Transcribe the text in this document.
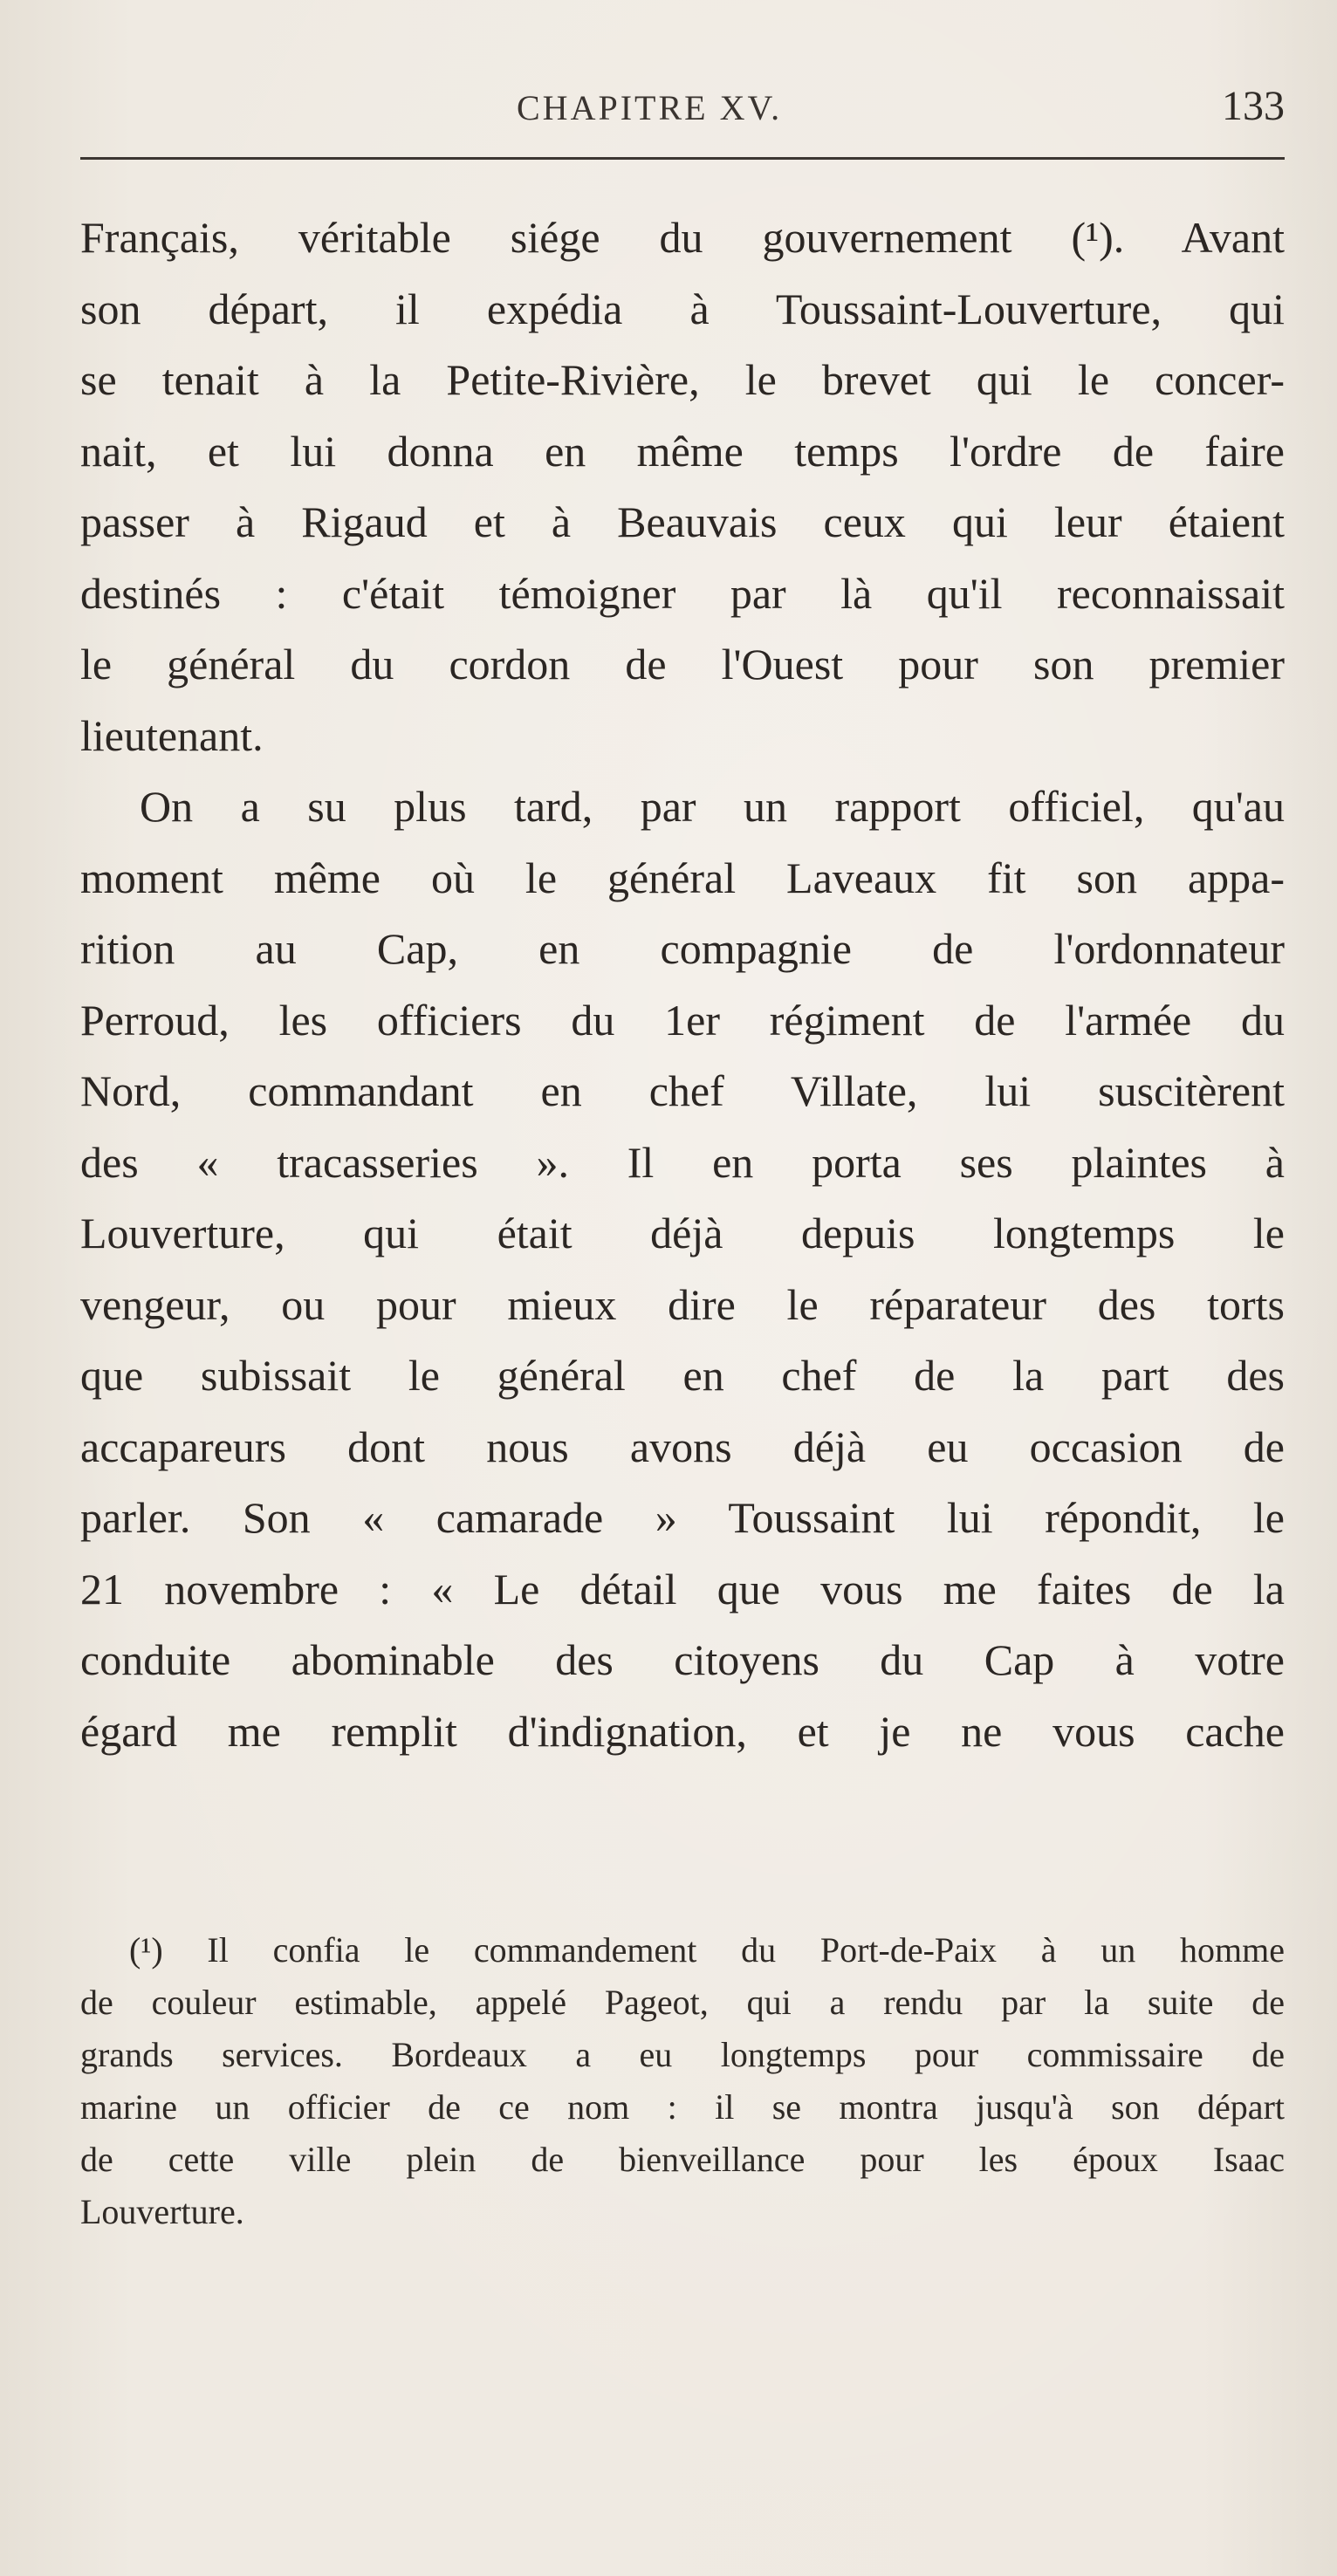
CHAPITRE XV.	133
Français, véritable siége du gouvernement (¹). Avant
son départ, il expédia à Toussaint-Louverture, qui
se tenait à la Petite-Rivière, le brevet qui le concer-
nait, et lui donna en même temps l'ordre de faire
passer à Rigaud et à Beauvais ceux qui leur étaient
destinés : c'était témoigner par là qu'il reconnaissait
le général du cordon de l'Ouest pour son premier
lieutenant.
On a su plus tard, par un rapport officiel, qu'au
moment même où le général Laveaux fit son appa-
rition au Cap, en compagnie de l'ordonnateur
Perroud, les officiers du 1er régiment de l'armée du
Nord, commandant en chef Villate, lui suscitèrent
des « tracasseries ». Il en porta ses plaintes à
Louverture, qui était déjà depuis longtemps le
vengeur, ou pour mieux dire le réparateur des torts
que subissait le général en chef de la part des
accapareurs dont nous avons déjà eu occasion de
parler. Son « camarade » Toussaint lui répondit, le
21 novembre : « Le détail que vous me faites de la
conduite abominable des citoyens du Cap à votre
égard me remplit d'indignation, et je ne vous cache
(¹) Il confia le commandement du Port-de-Paix à un homme
de couleur estimable, appelé Pageot, qui a rendu par la suite de
grands services. Bordeaux a eu longtemps pour commissaire de
marine un officier de ce nom : il se montra jusqu'à son départ
de cette ville plein de bienveillance pour les époux Isaac
Louverture.
